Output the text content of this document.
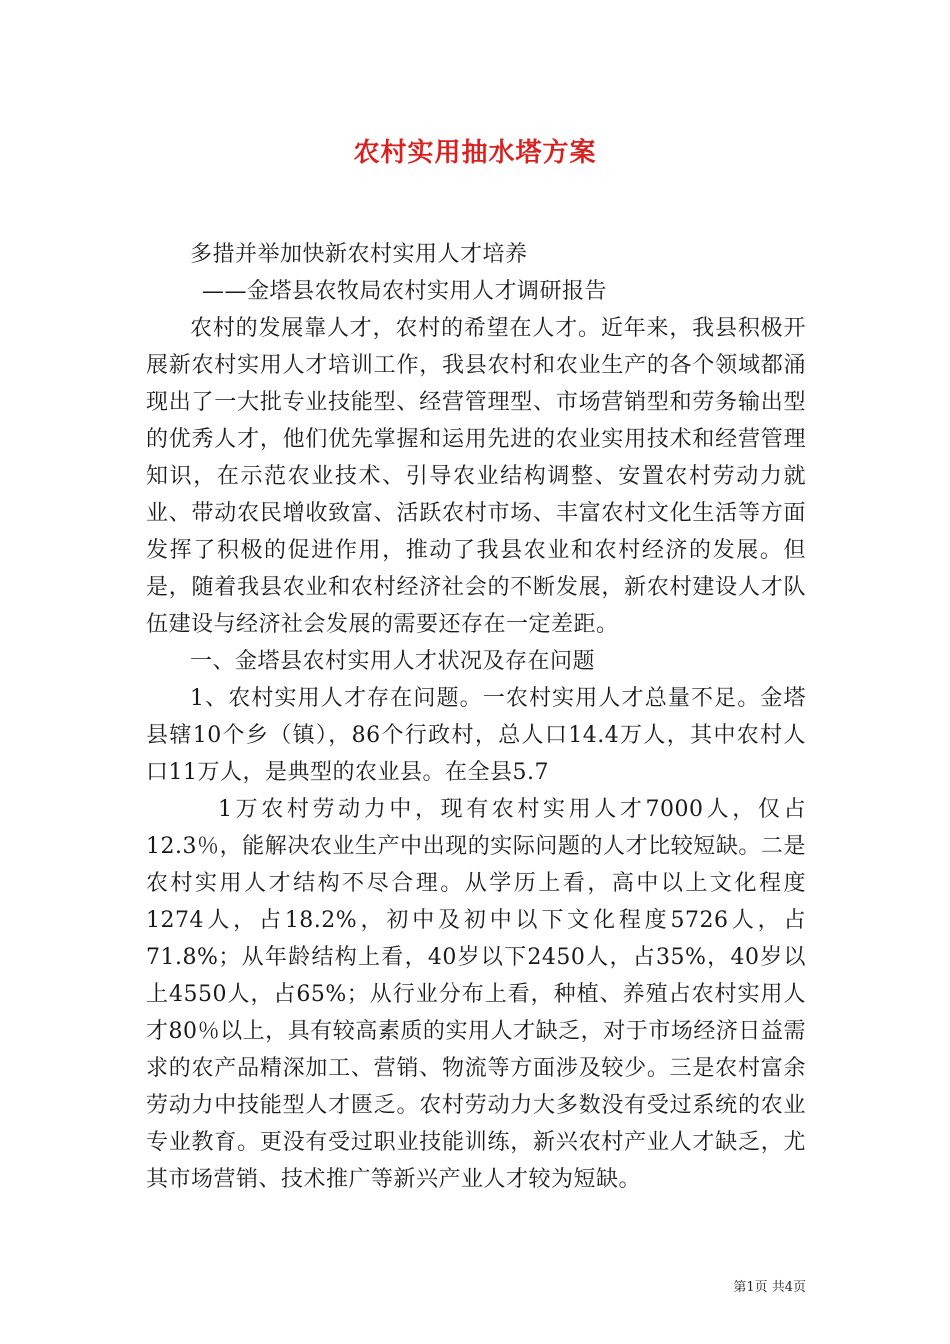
农村实用抽水塔方案

多措并举加快新农村实用人才培养

——金塔县农牧局农村实用人才调研报告

农村的发展靠人才，农村的希望在人才。近年来，我县积极开展新农村实用人才培训工作，我县农村和农业生产的各个领域都涌现出了一大批专业技能型、经营管理型、市场营销型和劳务输出型的优秀人才，他们优先掌握和运用先进的农业实用技术和经营管理知识，在示范农业技术、引导农业结构调整、安置农村劳动力就业、带动农民增收致富、活跃农村市场、丰富农村文化生活等方面发挥了积极的促进作用，推动了我县农业和农村经济的发展。但是，随着我县农业和农村经济社会的不断发展，新农村建设人才队伍建设与经济社会发展的需要还存在一定差距。

一、金塔县农村实用人才状况及存在问题

1、农村实用人才存在问题。一农村实用人才总量不足。金塔县辖10个乡（镇），86个行政村，总人口14.4万人，其中农村人口11万人，是典型的农业县。在全县5.7

1万农村劳动力中，现有农村实用人才7000人，仅占12.3％，能解决农业生产中出现的实际问题的人才比较短缺。二是农村实用人才结构不尽合理。从学历上看，高中以上文化程度1274人，占18.2%，初中及初中以下文化程度5726人，占71.8%；从年龄结构上看，40岁以下2450人，占35%，40岁以上4550人，占65%；从行业分布上看，种植、养殖占农村实用人才80％以上，具有较高素质的实用人才缺乏，对于市场经济日益需求的农产品精深加工、营销、物流等方面涉及较少。三是农村富余劳动力中技能型人才匮乏。农村劳动力大多数没有受过系统的农业专业教育。更没有受过职业技能训练，新兴农村产业人才缺乏，尤其市场营销、技术推广等新兴产业人才较为短缺。

第1页 共4页
